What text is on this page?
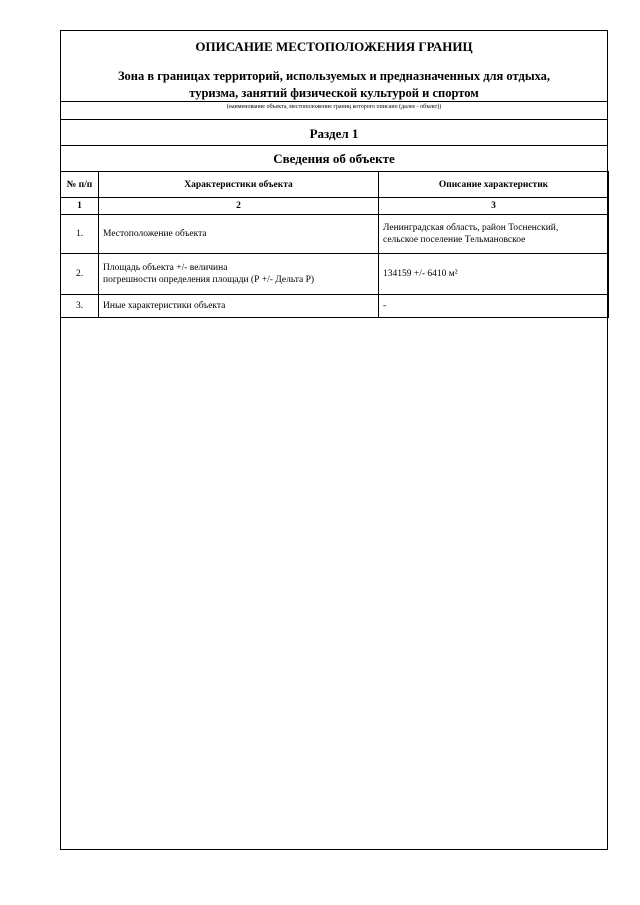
ОПИСАНИЕ МЕСТОПОЛОЖЕНИЯ ГРАНИЦ
Зона в границах территорий, используемых и предназначенных для отдыха,
туризма, занятий физической культурой и спортом
(наименование объекта, местоположение границ которого описано (далее - объект))
Раздел 1
Сведения об объекте
№ п/п	Характеристики объекта	Описание характеристик
1	2	3
1.	Местоположение объекта	Ленинградская область, район Тосненский,
сельское поселение Тельмановское
2.	Площадь объекта +/- величина
погрешности определения площади (Р +/- Дельта Р)	134159 +/- 6410 м²
3.	Иные характеристики объекта	-
